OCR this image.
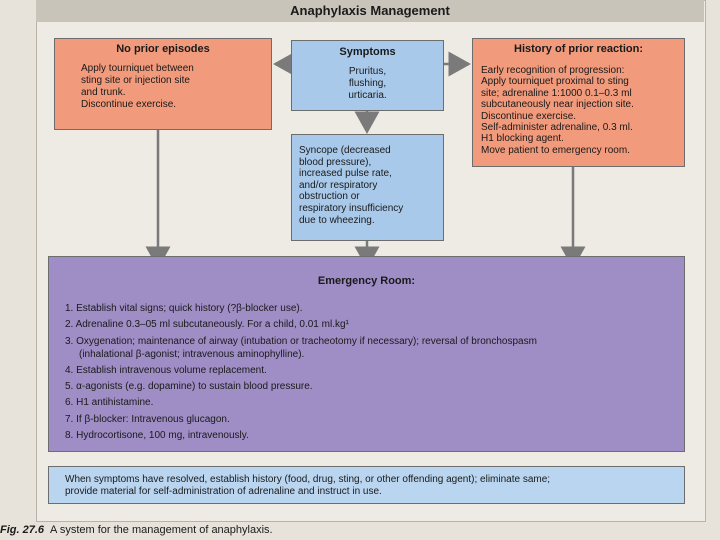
Anaphylaxis Management
No prior episodes
Apply tourniquet between
sting site or injection site
and trunk.
Discontinue exercise.
Symptoms
Pruritus,
flushing,
urticaria.
History of prior reaction:
Early recognition of progression:
Apply tourniquet proximal to sting
site; adrenaline 1:1000 0.1–0.3 ml
subcutaneously near injection site.
Discontinue exercise.
Self-administer adrenaline, 0.3 ml.
H1 blocking agent.
Move patient to emergency room.
Syncope (decreased
blood pressure),
increased pulse rate,
and/or respiratory
obstruction or
respiratory insufficiency
due to wheezing.
Emergency Room:
1. Establish vital signs; quick history (?β-blocker use).
2. Adrenaline 0.3–05 ml subcutaneously. For a child, 0.01 ml.kg¹
3. Oxygenation; maintenance of airway (intubation or tracheotomy if necessary); reversal of bronchospasm
(inhalational β-agonist; intravenous aminophylline).
4. Establish intravenous volume replacement.
5. α-agonists (e.g. dopamine) to sustain blood pressure.
6. H1 antihistamine.
7. If β-blocker: Intravenous glucagon.
8. Hydrocortisone, 100 mg, intravenously.
When symptoms have resolved, establish history (food, drug, sting, or other offending agent); eliminate same;
provide material for self-administration of adrenaline and instruct in use.
Fig. 27.6 A system for the management of anaphylaxis.
